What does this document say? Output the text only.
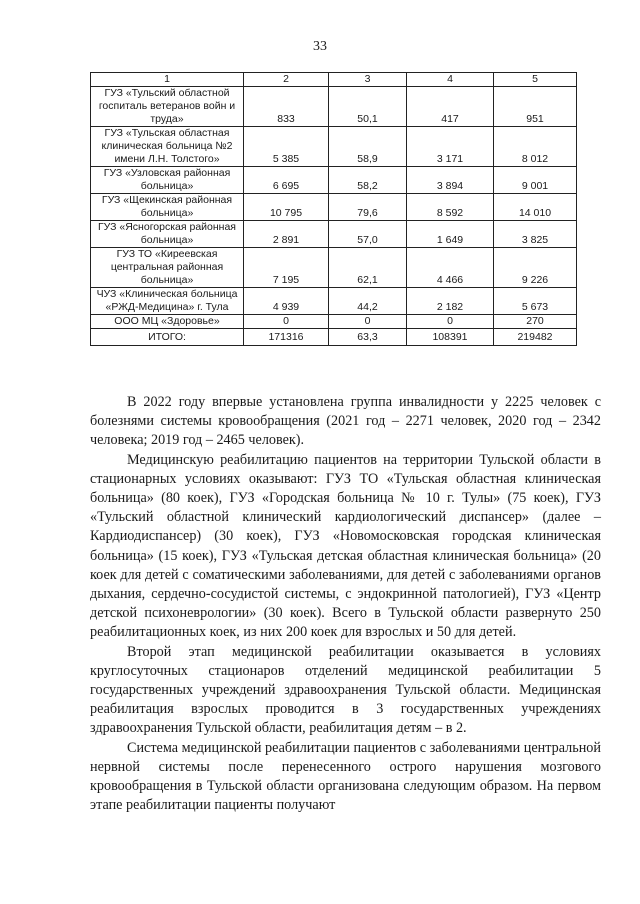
33
1	2	3	4	5
ГУЗ «Тульский областной госпиталь ветеранов войн и труда»	833	50,1	417	951
ГУЗ «Тульская областная клиническая больница №2 имени Л.Н. Толстого»	5 385	58,9	3 171	8 012
ГУЗ «Узловская районная больница»	6 695	58,2	3 894	9 001
ГУЗ «Щекинская районная больница»	10 795	79,6	8 592	14 010
ГУЗ «Ясногорская районная больница»	2 891	57,0	1 649	3 825
ГУЗ ТО «Киреевская центральная районная больница»	7 195	62,1	4 466	9 226
ЧУЗ «Клиническая больница «РЖД-Медицина» г. Тула	4 939	44,2	2 182	5 673
ООО МЦ «Здоровье»	0	0	0	270
ИТОГО:	171316	63,3	108391	219482

В 2022 году впервые установлена группа инвалидности у 2225 человек с болезнями системы кровообращения (2021 год – 2271 человек, 2020 год – 2342 человека; 2019 год – 2465 человек).

Медицинскую реабилитацию пациентов на территории Тульской области в стационарных условиях оказывают: ГУЗ ТО «Тульская областная клиническая больница» (80 коек), ГУЗ «Городская больница № 10 г. Тулы» (75 коек), ГУЗ «Тульский областной клинический кардиологический диспансер» (далее – Кардиодиспансер) (30 коек), ГУЗ «Новомосковская городская клиническая больница» (15 коек), ГУЗ «Тульская детская областная клиническая больница» (20 коек для детей с соматическими заболеваниями, для детей с заболеваниями органов дыхания, сердечно-сосудистой системы, с эндокринной патологией), ГУЗ «Центр детской психоневрологии» (30 коек). Всего в Тульской области развернуто 250 реабилитационных коек, из них 200 коек для взрослых и 50 для детей.

Второй этап медицинской реабилитации оказывается в условиях круглосуточных стационаров отделений медицинской реабилитации 5 государственных учреждений здравоохранения Тульской области. Медицинская реабилитация взрослых проводится в 3 государственных учреждениях здравоохранения Тульской области, реабилитация детям – в 2.

Система медицинской реабилитации пациентов с заболеваниями центральной нервной системы после перенесенного острого нарушения мозгового кровообращения в Тульской области организована следующим образом. На первом этапе реабилитации пациенты получают
